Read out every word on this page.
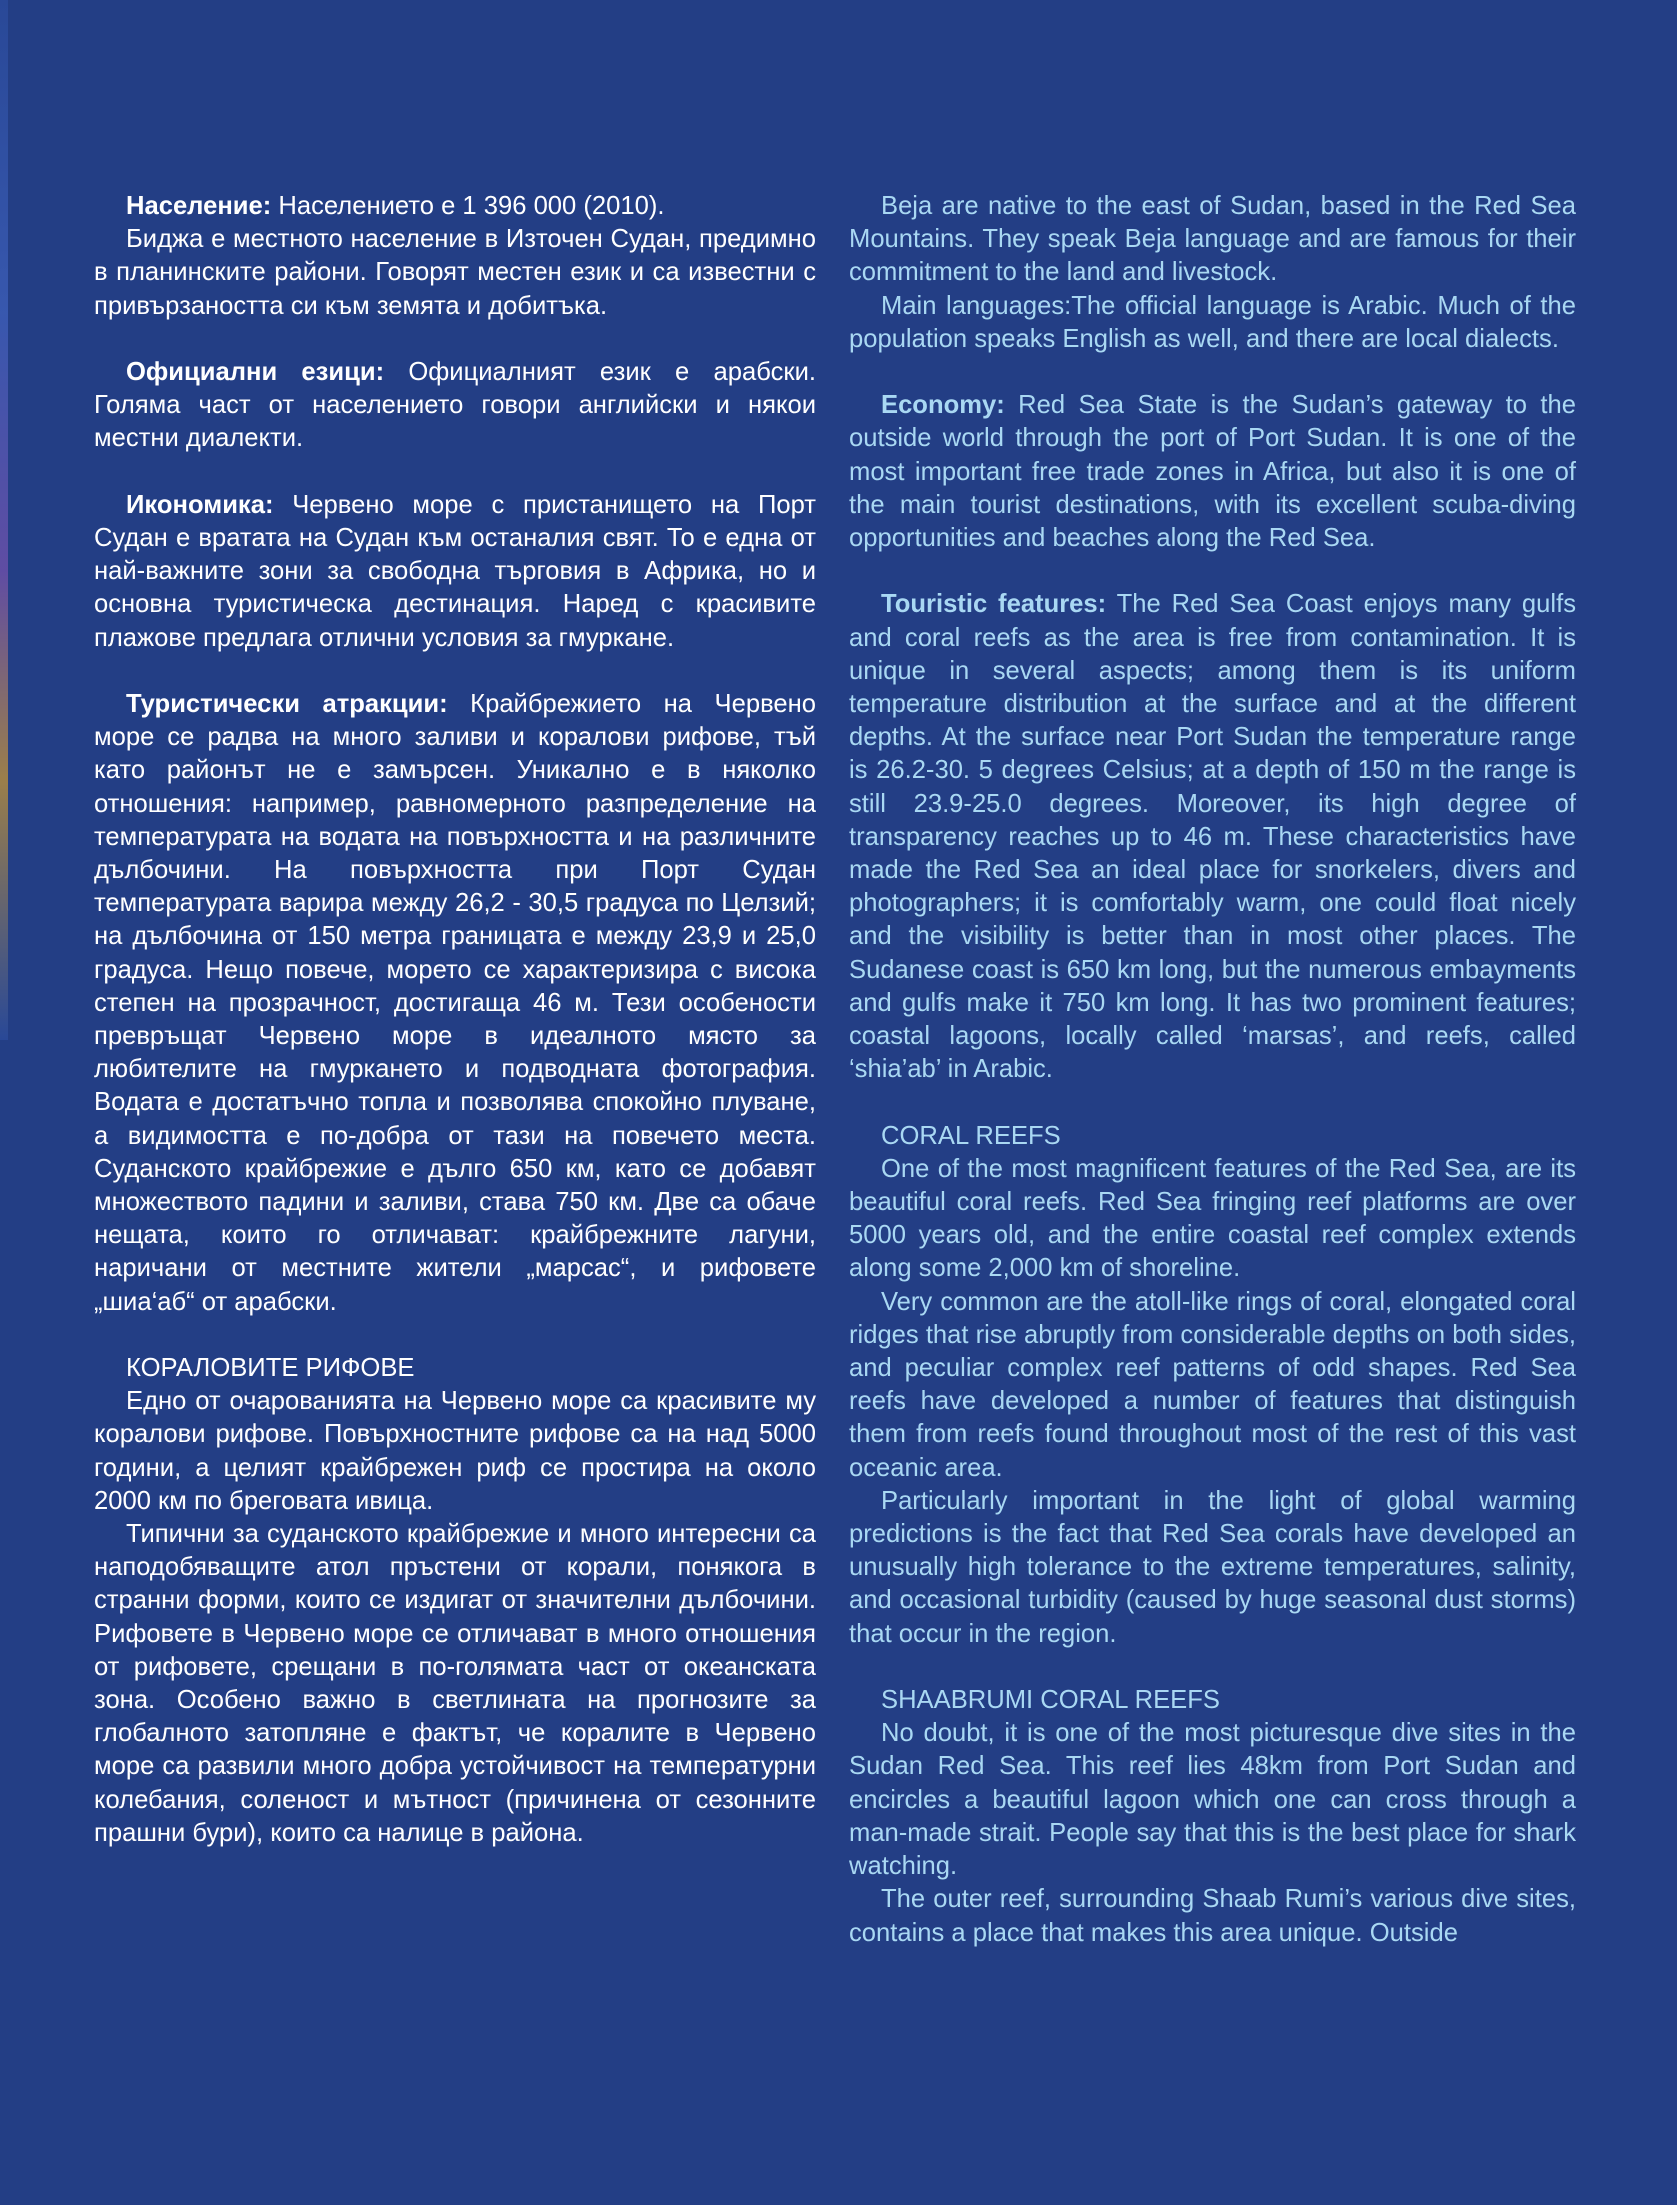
Население: Населението е 1 396 000 (2010).

Биджа е местното население в Източен Судан, предимно в планинските райони. Говорят местен език и са известни с привързаността си към земята и добитъка.

Официални езици: Официалният език е арабски. Голяма част от населението говори английски и някои местни диалекти.

Икономика: Червено море с пристанището на Порт Судан е вратата на Судан към останалия свят. То е една от най-важните зони за свободна търговия в Африка, но и основна туристическа дестинация. Наред с красивите плажове предлага отлични условия за гмуркане.

Туристически атракции: Крайбрежието на Червено море се радва на много заливи и коралови рифове, тъй като районът не е замърсен. Уникално е в няколко отношения: например, равномерното разпределение на температурата на водата на повърхността и на различните дълбочини. На повърхността при Порт Судан температурата варира между 26,2 - 30,5 градуса по Целзий; на дълбочина от 150 метра границата е между 23,9 и 25,0 градуса. Нещо повече, морето се характеризира с висока степен на прозрачност, достигаща 46 м. Тези особености превръщат Червено море в идеалното място за любителите на гмуркането и подводната фотография. Водата е достатъчно топла и позволява спокойно плуване, а видимостта е по-добра от тази на повечето места. Суданското крайбрежие е дълго 650 км, като се добавят множеството падини и заливи, става 750 км. Две са обаче нещата, които го отличават: крайбрежните лагуни, наричани от местните жители „марсас“, и рифовете „шиа‘аб“ от арабски.

КОРАЛОВИТЕ РИФОВЕ

Едно от очарованията на Червено море са красивите му коралови рифове. Повърхностните рифове са на над 5000 години, а целият крайбрежен риф се простира на около 2000 км по бреговата ивица.

Типични за суданското крайбрежие и много интересни са наподобяващите атол пръстени от корали, понякога в странни форми, които се издигат от значителни дълбочини. Рифовете в Червено море се отличават в много отношения от рифовете, срещани в по-голямата част от океанската зона. Особено важно в светлината на прогнозите за глобалното затопляне е фактът, че коралите в Червено море са развили много добра устойчивост на температурни колебания, соленост и мътност (причинена от сезонните прашни бури), които са налице в района.

Beja are native to the east of Sudan, based in the Red Sea Mountains. They speak Beja language and are famous for their commitment to the land and livestock.

Main languages:The official language is Arabic. Much of the population speaks English as well, and there are local dialects.

Economy: Red Sea State is the Sudan’s gateway to the outside world through the port of Port Sudan. It is one of the most important free trade zones in Africa, but also it is one of the main tourist destinations, with its excellent scuba-diving opportunities and beaches along the Red Sea.

Touristic features: The Red Sea Coast enjoys many gulfs and coral reefs as the area is free from contamination. It is unique in several aspects; among them is its uniform temperature distribution at the surface and at the different depths. At the surface near Port Sudan the temperature range is 26.2-30. 5 degrees Celsius; at a depth of 150 m the range is still 23.9-25.0 degrees. Moreover, its high degree of transparency reaches up to 46 m. These characteristics have made the Red Sea an ideal place for snorkelers, divers and photographers; it is comfortably warm, one could float nicely and the visibility is better than in most other places. The Sudanese coast is 650 km long, but the numerous embayments and gulfs make it 750 km long. It has two prominent features; coastal lagoons, locally called ‘marsas’, and reefs, called ‘shia’ab’ in Arabic.

CORAL REEFS

One of the most magnificent features of the Red Sea, are its beautiful coral reefs. Red Sea fringing reef platforms are over 5000 years old, and the entire coastal reef complex extends along some 2,000 km of shoreline.

Very common are the atoll-like rings of coral, elongated coral ridges that rise abruptly from considerable depths on both sides, and peculiar complex reef patterns of odd shapes. Red Sea reefs have developed a number of features that distinguish them from reefs found throughout most of the rest of this vast oceanic area.

Particularly important in the light of global warming predictions is the fact that Red Sea corals have developed an unusually high tolerance to the extreme temperatures, salinity, and occasional turbidity (caused by huge seasonal dust storms) that occur in the region.

SHAABRUMI CORAL REEFS

No doubt, it is one of the most picturesque dive sites in the Sudan Red Sea. This reef lies 48km from Port Sudan and encircles a beautiful lagoon which one can cross through a man-made strait. People say that this is the best place for shark watching.

The outer reef, surrounding Shaab Rumi’s various dive sites, contains a place that makes this area unique. Outside
